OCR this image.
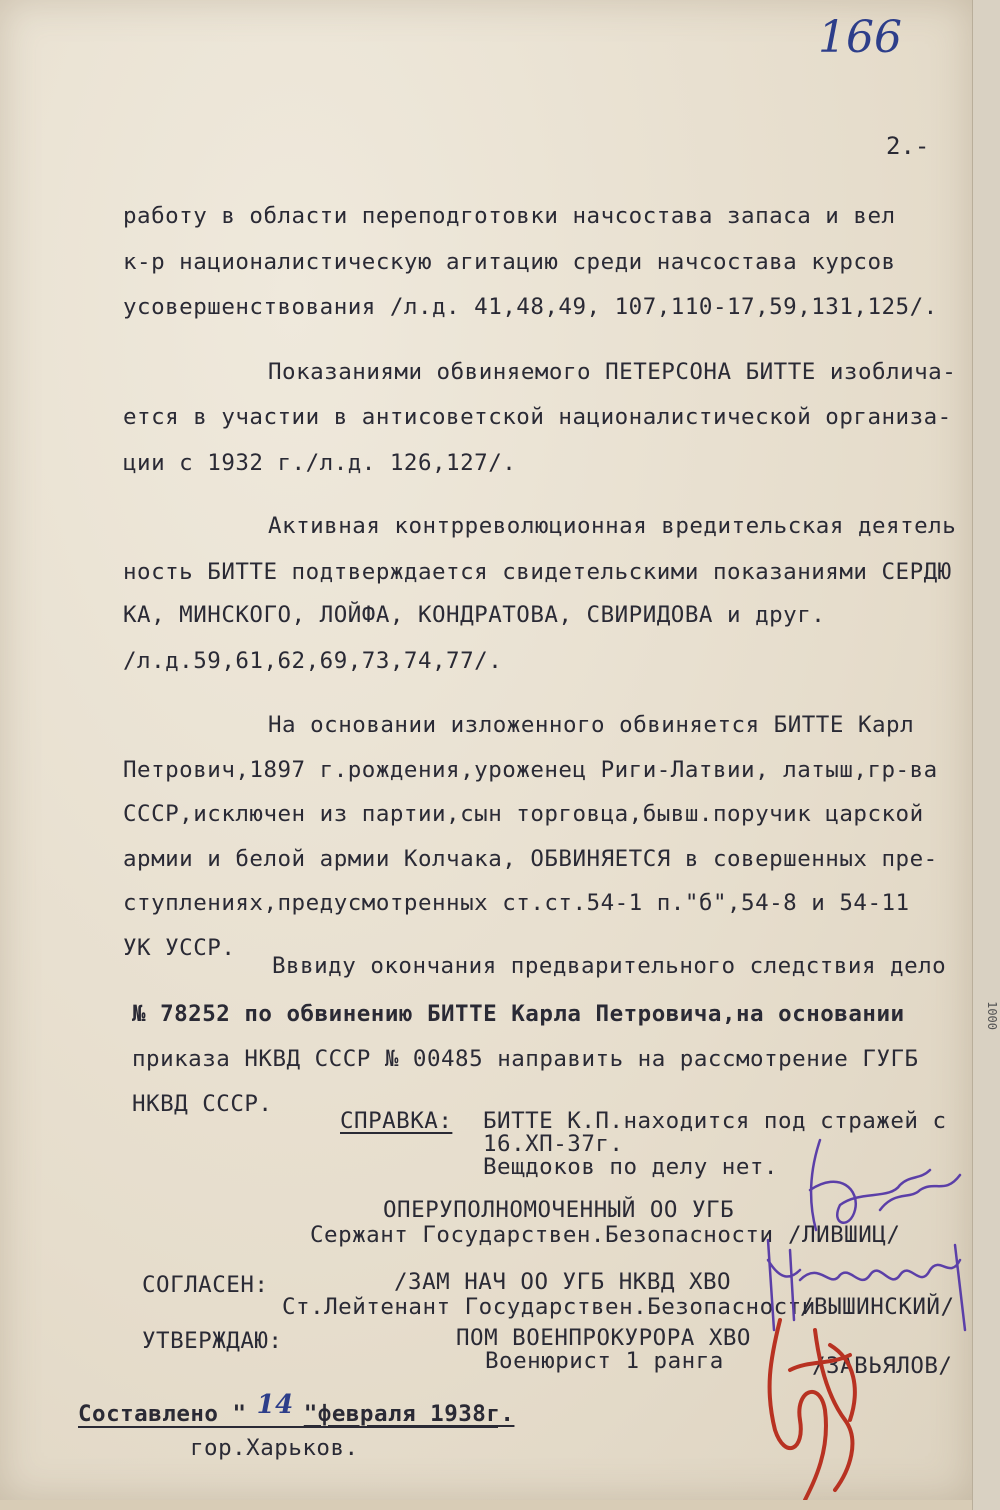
166
2.-
работу в области переподготовки начсостава запаса и вел
к-р националистическую агитацию среди начсостава курсов
усовершенствования /л.д. 41,48,49, 107,110-17,59,131,125/.
Показаниями обвиняемого ПЕТЕРСОНА БИТТЕ изоблича-
ется в участии в антисоветской националистической организа-
ции с 1932 г./л.д. 126,127/.
Активная контрреволюционная вредительская деятель
ность БИТТЕ подтверждается свидетельскими показаниями СЕРДЮ
КА, МИНСКОГО, ЛОЙФА, КОНДРАТОВА, СВИРИДОВА и друг.
/л.д.59,61,62,69,73,74,77/.
На основании изложенного обвиняется БИТТЕ Карл
Петрович,1897 г.рождения,уроженец Риги-Латвии, латыш,гр-ва
СССР,исключен из партии,сын торговца,бывш.поручик царской
армии и белой армии Колчака, ОБВИНЯЕТСЯ в совершенных пре-
ступлениях,предусмотренных ст.ст.54-1 п."б",54-8 и 54-11
УК УССР.
Вввиду окончания предварительного следствия дело
№ 78252 по обвинению БИТТЕ Карла Петровича,на основании
приказа НКВД СССР № 00485 направить на рассмотрение ГУГБ
НКВД СССР.
СПРАВКА: БИТТЕ К.П.находится под стражей с
16.ХП-37г.
Вещдоков по делу нет.
ОПЕРУПОЛНОМОЧЕННЫЙ ОО УГБ
Сержант Государствен.Безопасности /ЛИВШИЦ/
СОГЛАСЕН:	/ЗАМ НАЧ ОО УГБ НКВД ХВО
Ст.Лейтенант Государствен.Безопасности
/ВЫШИНСКИЙ/
УТВЕРЖДАЮ:	ПОМ ВОЕНПРОКУРОРА ХВО
Военюрист 1 ранга	/ЗАВЬЯЛОВ/
Составлено " 14 "февраля 1938г.
гор.Харьков.
1000
